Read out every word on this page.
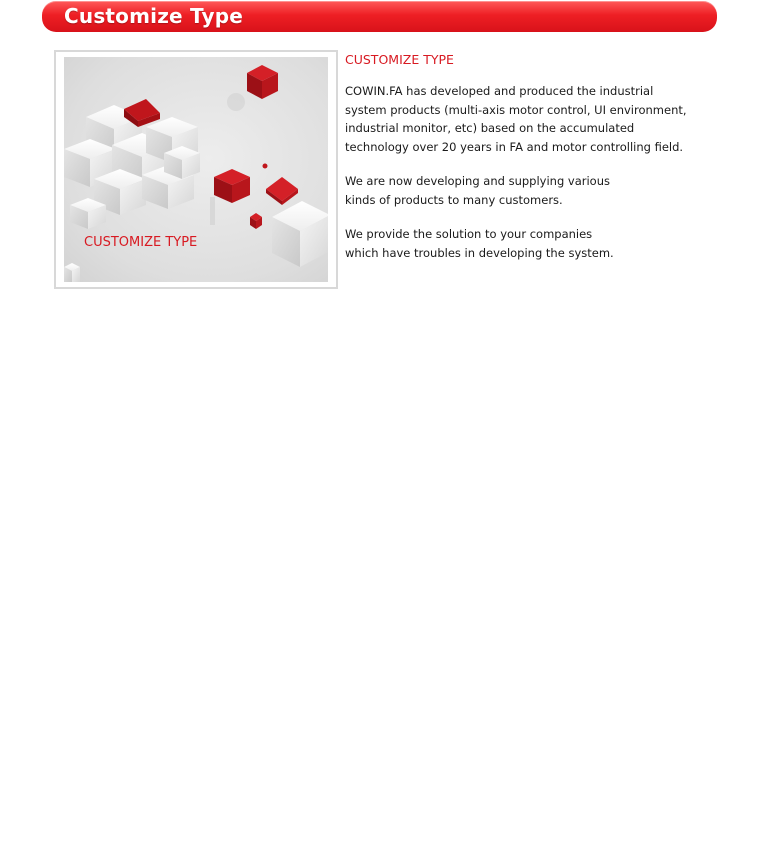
Customize Type
CUSTOMIZE TYPE
CUSTOMIZE TYPE

COWIN.FA has developed and produced the industrial
system products (multi-axis motor control, UI environment,
industrial monitor, etc) based on the accumulated
technology over 20 years in FA and motor controlling field.

We are now developing and supplying various
kinds of products to many customers.

We provide the solution to your companies
which have troubles in developing the system.
